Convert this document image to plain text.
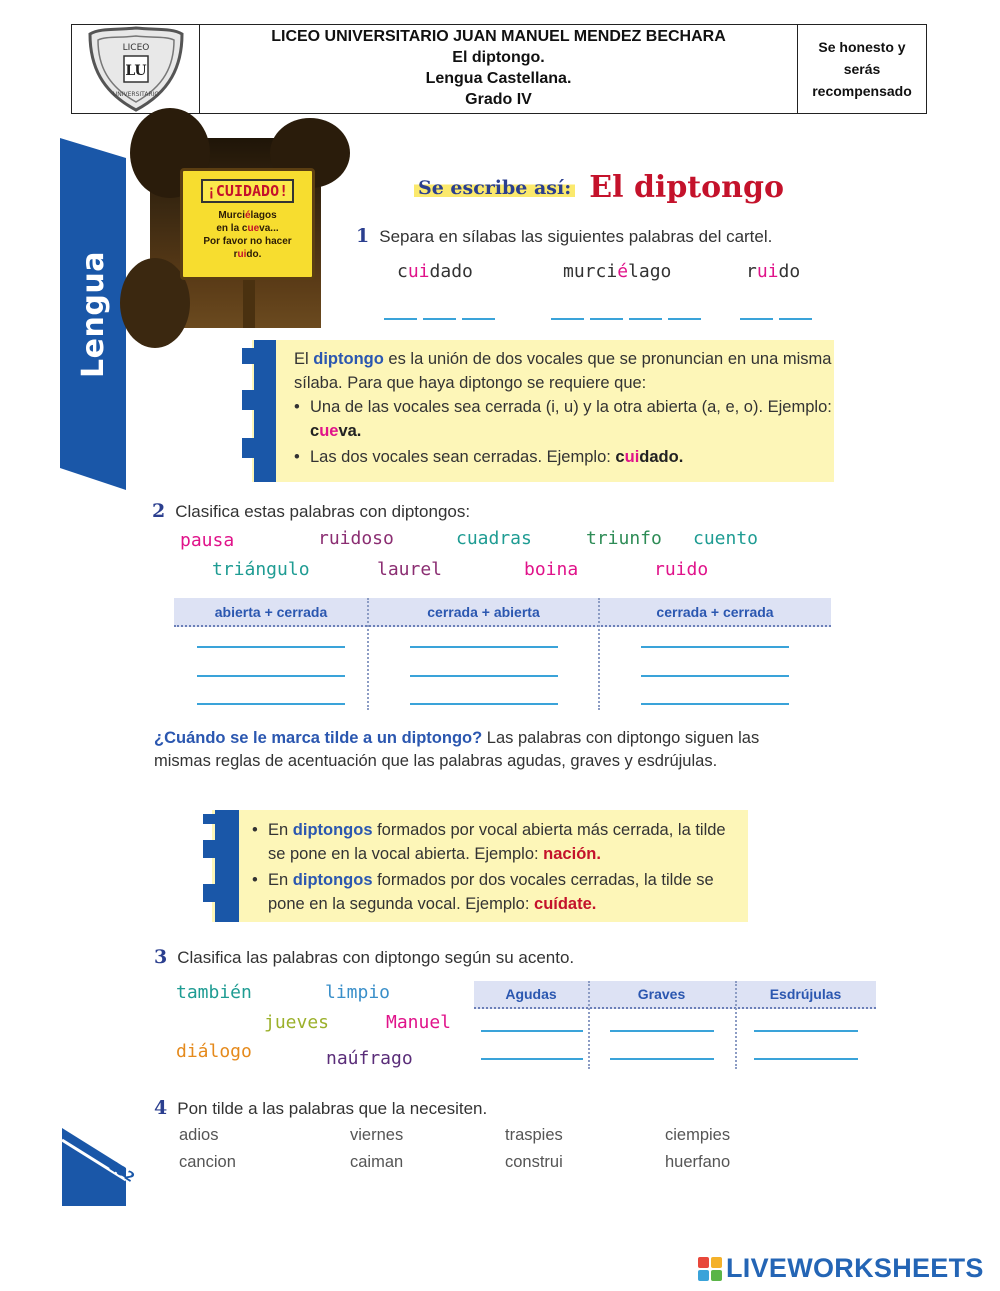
LICEO
LU
UNIVERSITARIO
LICEO UNIVERSITARIO JUAN MANUEL MENDEZ BECHARA
El diptongo.
Lengua Castellana.
Grado IV
Se honesto y serás recompensado
Lengua
¡CUIDADO!
Murciélagos
en la cueva...
Por favor no hacer
ruido.
Se escribe así: El diptongo
1 Separa en sílabas las siguientes palabras del cartel.
cuidado	murciélago	ruido
El diptongo es la unión de dos vocales que se pronuncian en una misma sílaba. Para que haya diptongo se requiere que:
• Una de las vocales sea cerrada (i, u) y la otra abierta (a, e, o). Ejemplo: cueva.
• Las dos vocales sean cerradas. Ejemplo: cuidado.
2 Clasifica estas palabras con diptongos:
pausa	ruidoso	cuadras	triunfo cuento
triángulo	laurel	boina	ruido
abierta + cerrada	cerrada + abierta	cerrada + cerrada
¿Cuándo se le marca tilde a un diptongo? Las palabras con diptongo siguen las mismas reglas de acentuación que las palabras agudas, graves y esdrújulas.
• En diptongos formados por vocal abierta más cerrada, la tilde se pone en la vocal abierta. Ejemplo: nación.
• En diptongos formados por dos vocales cerradas, la tilde se pone en la segunda vocal. Ejemplo: cuídate.
3 Clasifica las palabras con diptongo según su acento.
también	limpio
jueves	Manuel
diálogo	naúfrago
Agudas	Graves	Esdrújulas
4 Pon tilde a las palabras que la necesiten.
adios	viernes	traspies	ciempies
cancion	caiman	construi	huerfano
192
LIVEWORKSHEETS
